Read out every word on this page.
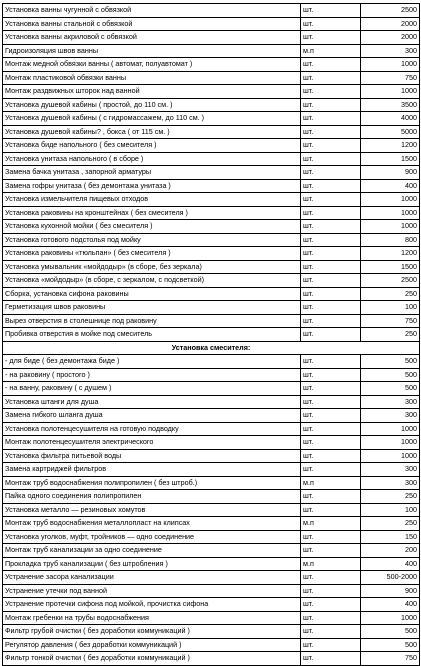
Установка ванны чугунной с обвязкой	шт.	2500
Установка ванны стальной с обвязкой	шт.	2000
Установка ванны акриловой с обвязкой	шт.	2000
Гидроизоляция швов ванны	м.п	300
Монтаж медной обвязки ванны ( автомат, полуавтомат )	шт.	1000
Монтаж пластиковой обвязки ванны	шт.	750
Монтаж раздвижных шторок над ванной	шт.	1000
Установка душевой кабины ( простой, до 110 см. )	шт.	3500
Установка душевой кабины ( с гидромассажем, до 110 см. )	шт.	4000
Установка душевой кабины? , бокса ( от 115 см. )	шт.	5000
Установка биде напольного ( без смесителя )	шт.	1200
Установка унитаза напольного ( в сборе )	шт.	1500
Замена бачка унитаза , запорной арматуры	шт.	900
Замена гофры унитаза ( без демонтажа унитаза )	шт.	400
Установка измельчителя пищевых отходов	шт.	1000
Установка раковины на кронштейнах ( без смесителя )	шт.	1000
Установка кухонной мойки ( без смесителя )	шт.	1000
Установка готового подстолья под мойку	шт.	800
Установка раковины «тюльпан» ( без смесителя )	шт.	1200
Установка умывальник «мойдодыр» (в сборе, без зеркала)	шт.	1500
Установка «мойдодыр» (в сборе, с зеркалом, с подсветкой)	шт.	2500
Сборка, установка сифона раковины	шт.	250
Герметизация швов раковины	шт.	100
Вырез отверстия в столешнице под раковину	шт.	750
Пробивка отверстия в мойке под смеситель	шт.	250
Установка смесителя:		
- для биде ( без демонтажа биде )	шт.	500
- на раковину ( простого )	шт.	500
- на ванну, раковину ( с душем )	шт.	500
Установка штанги для душа	шт.	300
Замена гибкого шланга душа	шт.	300
Установка полотенцесушителя на готовую подводку	шт.	1000
Монтаж полотенцесушителя электрического	шт.	1000
Установка фильтра питьевой воды	шт.	1000
Замена картриджей фильтров	шт.	300
Монтаж труб водоснабжения полипропилен ( без штроб.)	м.п	300
Пайка одного соединения полипропилен	шт.	250
Установка металло — резиновых хомутов	шт.	100
Монтаж труб водоснабжения металлопласт на клипсах	м.п	250
Установка уголков, муфт, тройников — одно соединение	шт.	150
Монтаж труб канализации за одно соединение	шт.	200
Прокладка труб канализации ( без штробления )	м.п	400
Устранение засора канализации	шт.	500-2000
Устранение утечки под ванной	шт.	900
Устранение протечки сифона под мойкой, прочистка сифона	шт.	400
Монтаж гребенки на трубы водоснабжения	шт.	1000
Фильтр грубой очистки ( без доработки коммуникаций )	шт.	500
Регулятор давления ( без доработки коммуникаций )	шт.	500
Фильтр тонкой очистки ( без доработки коммуникаций )	шт.	750
